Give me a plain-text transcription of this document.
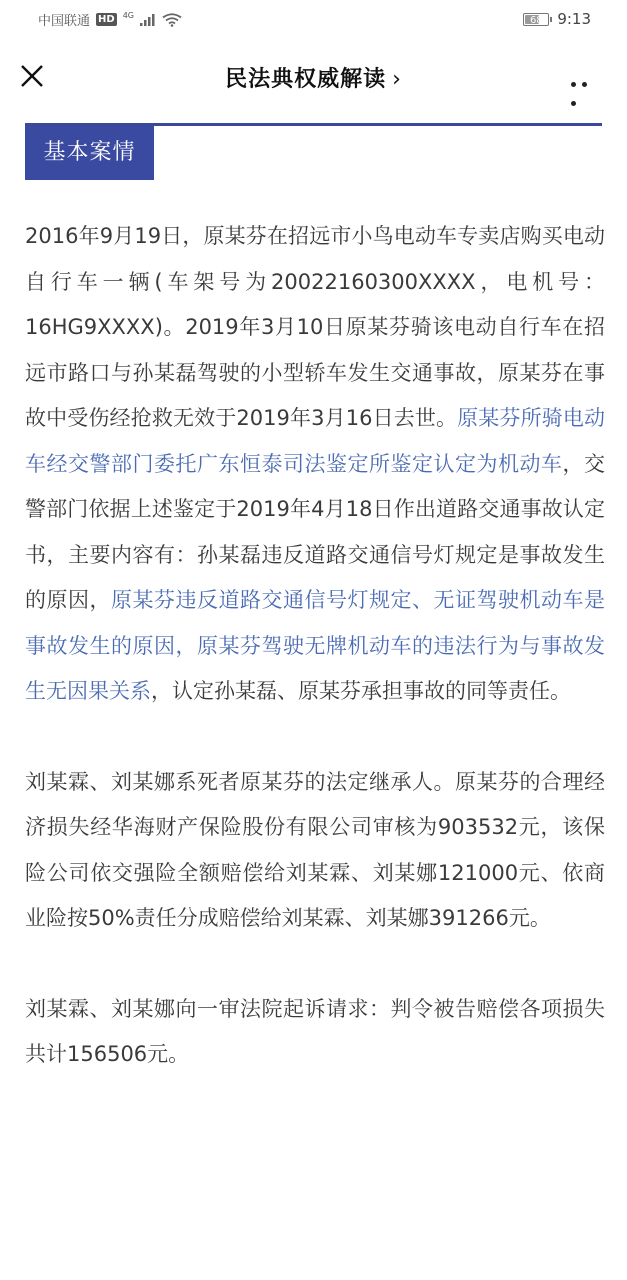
中国联通 HD 4G	68 9:13
民法典权威解读 ›
基本案情

2016年9月19日，原某芬在招远市小鸟电动车专卖店购买电动自行车一辆(车架号为20022160300XXXX，电机号：16HG9XXXX)。2019年3月10日原某芬骑该电动自行车在招远市路口与孙某磊驾驶的小型轿车发生交通事故，原某芬在事故中受伤经抢救无效于2019年3月16日去世。原某芬所骑电动车经交警部门委托广东恒泰司法鉴定所鉴定认定为机动车，交警部门依据上述鉴定于2019年4月18日作出道路交通事故认定书，主要内容有：孙某磊违反道路交通信号灯规定是事故发生的原因，原某芬违反道路交通信号灯规定、无证驾驶机动车是事故发生的原因，原某芬驾驶无牌机动车的违法行为与事故发生无因果关系，认定孙某磊、原某芬承担事故的同等责任。

刘某霖、刘某娜系死者原某芬的法定继承人。原某芬的合理经济损失经华海财产保险股份有限公司审核为903532元，该保险公司依交强险全额赔偿给刘某霖、刘某娜121000元、依商业险按50%责任分成赔偿给刘某霖、刘某娜391266元。

刘某霖、刘某娜向一审法院起诉请求：判令被告赔偿各项损失共计156506元。
